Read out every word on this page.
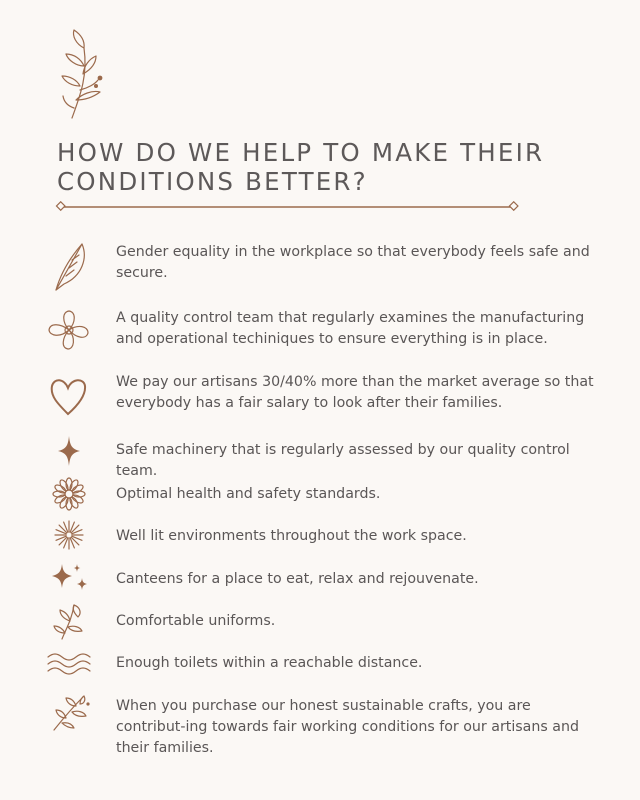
HOW DO WE HELP TO MAKE THEIR CONDITIONS BETTER?
Gender equality in the workplace so that everybody feels safe and secure.
A quality control team that regularly examines the manufacturing and operational techiniques to ensure everything is in place.
We pay our artisans 30/40% more than the market average so that everybody has a fair salary to look after their families.
Safe machinery that is regularly assessed by our quality control team.
Optimal health and safety standards.
Well lit environments throughout the work space.
Canteens for a place to eat, relax and rejouvenate.
Comfortable uniforms.
Enough toilets within a reachable distance.
When you purchase our honest sustainable crafts, you are contribut-ing towards fair working conditions for our artisans and their families.
